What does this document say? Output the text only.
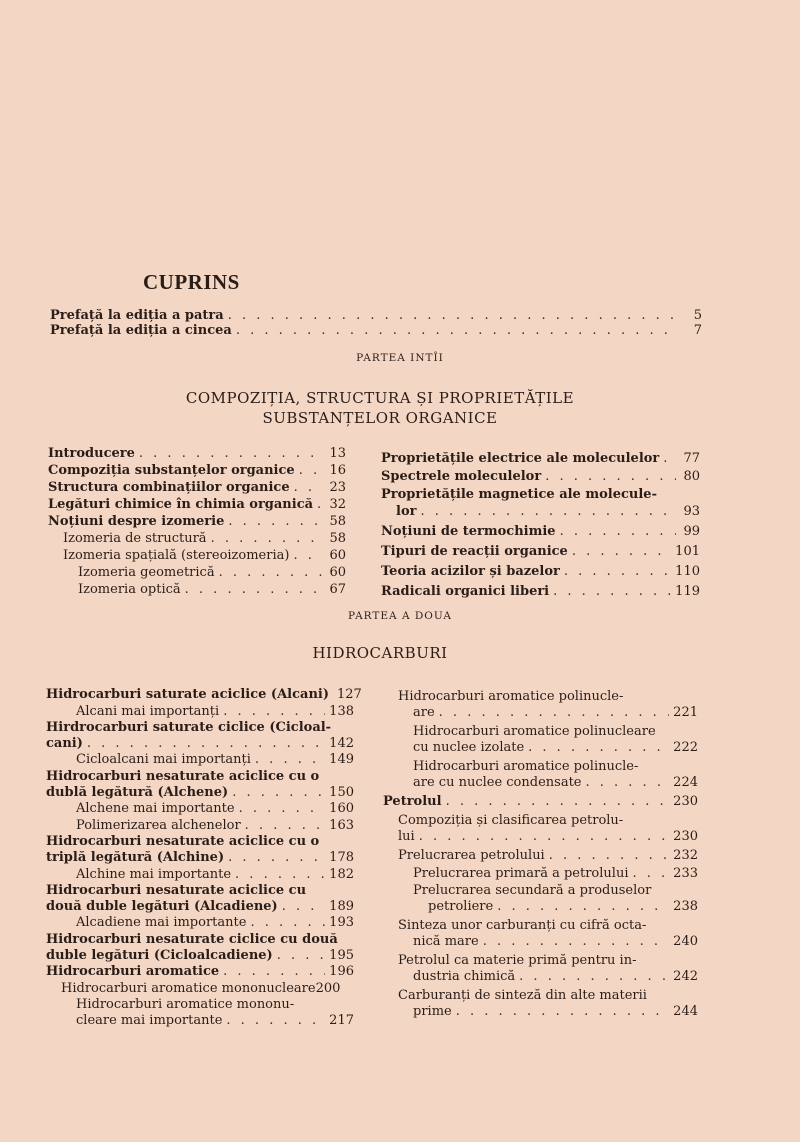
CUPRINS
Prefață la ediția a patra . . .	5
Prefață la ediția a cincea . . .	7
PARTEA INTÎI
COMPOZIȚIA, STRUCTURA ȘI PROPRIETĂȚILE
SUBSTANȚELOR ORGANICE
Introducere . . .	13
Compoziția substanțelor organice . . .	16
Structura combinațiilor organice . . .	23
Legături chimice în chimia organică . . . 32
Noțiuni despre izomerie . . .	58
Izomeria de structură . . .	58
Izomeria spațială (stereoizomeria) . . .	60
Izomeria geometrică . . .	60
Izomeria optică . . .	67
Proprietățile electrice ale moleculelor . . . 77
Spectrele moleculelor . . .	80
Proprietățile magnetice ale molecule-
lor . . .	93
Noțiuni de termochimie . . .	99
Tipuri de reacții organice . . .	101
Teoria acizilor și bazelor . . .	110
Radicali organici liberi . . .	119
PARTEA A DOUA
HIDROCARBURI
Hidrocarburi saturate aciclice (Alcani) 127
Alcani mai importanți . . .	138
Hirdrocarburi saturate ciclice (Cicloal-
cani) . . .	142
Cicloalcani mai importanți . . .	149
Hidrocarburi nesaturate aciclice cu o
dublă legătură (Alchene) . . .	150
Alchene mai importante . . .	160
Polimerizarea alchenelor . . .	163
Hidrocarburi nesaturate aciclice cu o
triplă legătură (Alchine) . . .	178
Alchine mai importante . . .	182
Hidrocarburi nesaturate aciclice cu
două duble legături (Alcadiene) . . .	189
Alcadiene mai importante . . .	193
Hidrocarburi nesaturate ciclice cu două
duble legături (Cicloalcadiene) . . .	195
Hidrocarburi aromatice . . .	196
Hidrocarburi aromatice mononucleare 200
Hidrocarburi aromatice mononu-
cleare mai importante . . .	217
Hidrocarburi aromatice polinucle-
are . . .	221
Hidrocarburi aromatice polinucleare
cu nuclee izolate . . .	222
Hidrocarburi aromatice polinucle-
are cu nuclee condensate . . .	224
Petrolul . . .	230
Compoziția și clasificarea petrolu-
lui . . .	230
Prelucrarea petrolului . . .	232
Prelucrarea primară a petrolului . . .	233
Prelucrarea secundară a produselor
petroliere . . .	238
Sinteza unor carburanți cu cifră octa-
nică mare . . .	240
Petrolul ca materie primă pentru in-
dustria chimică . . .	242
Carburanți de sinteză din alte materii
prime . . .	244
